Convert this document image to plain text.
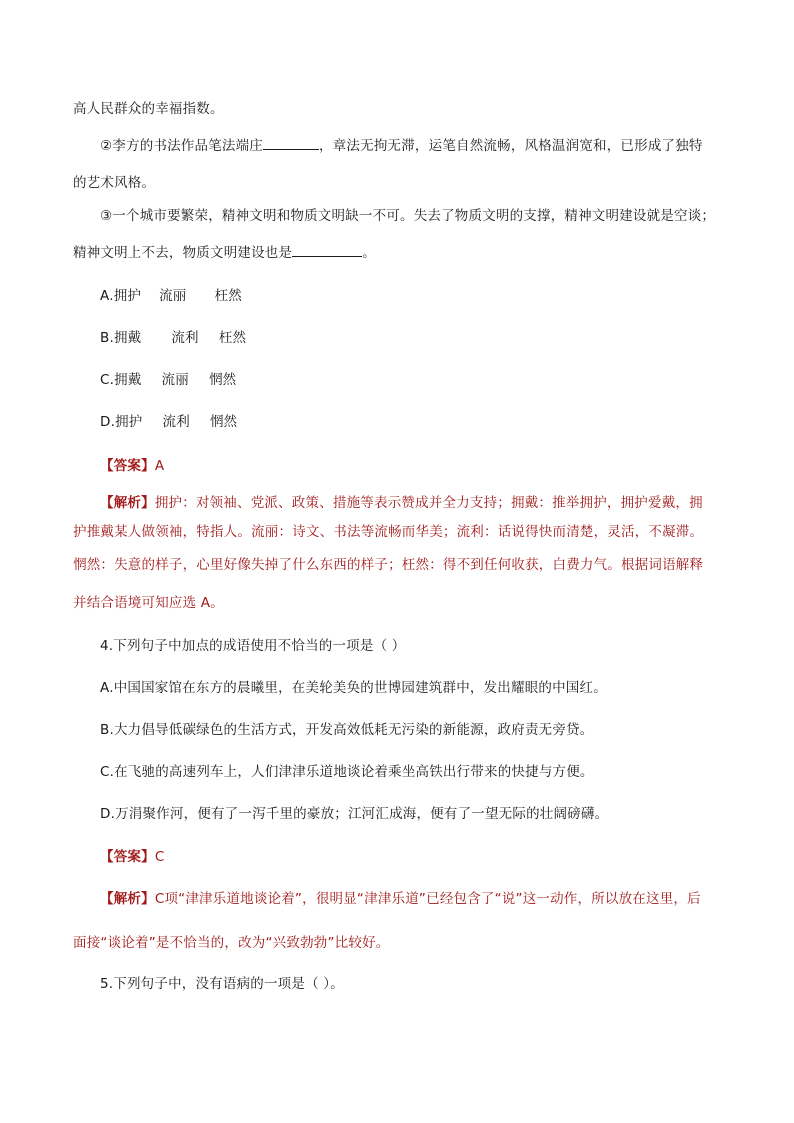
高人民群众的幸福指数。
②李方的书法作品笔法端庄	，章法无拘无滞，运笔自然流畅，风格温润宽和，已形成了独特
的艺术风格。
③一个城市要繁荣，精神文明和物质文明缺一不可。失去了物质文明的支撑，精神文明建设就是空谈；
精神文明上不去，物质文明建设也是	。
A.拥护 流丽 枉然
B.拥戴 流利 枉然
C.拥戴 流丽 惘然
D.拥护 流利 惘然
【答案】A
【解析】拥护：对领袖、党派、政策、措施等表示赞成并全力支持；拥戴：推举拥护，拥护爱戴，拥
护推戴某人做领袖，特指人。流丽：诗文、书法等流畅而华美；流利：话说得快而清楚，灵活，不凝滞。
惘然：失意的样子，心里好像失掉了什么东西的样子；枉然：得不到任何收获，白费力气。根据词语解释
并结合语境可知应选 A。
4.下列句子中加点的成语使用不恰当的一项是（ ）
A.中国国家馆在东方的晨曦里，在美轮美奂的世博园建筑群中，发出耀眼的中国红。
B.大力倡导低碳绿色的生活方式，开发高效低耗无污染的新能源，政府责无旁贷。
C.在飞驰的高速列车上，人们津津乐道地谈论着乘坐高铁出行带来的快捷与方便。
D.万涓聚作河，便有了一泻千里的豪放；江河汇成海，便有了一望无际的壮阔磅礴。
【答案】C
【解析】C项“津津乐道地谈论着”，很明显“津津乐道”已经包含了“说”这一动作，所以放在这里，后
面接“谈论着”是不恰当的，改为“兴致勃勃”比较好。
5.下列句子中，没有语病的一项是（ ）。
